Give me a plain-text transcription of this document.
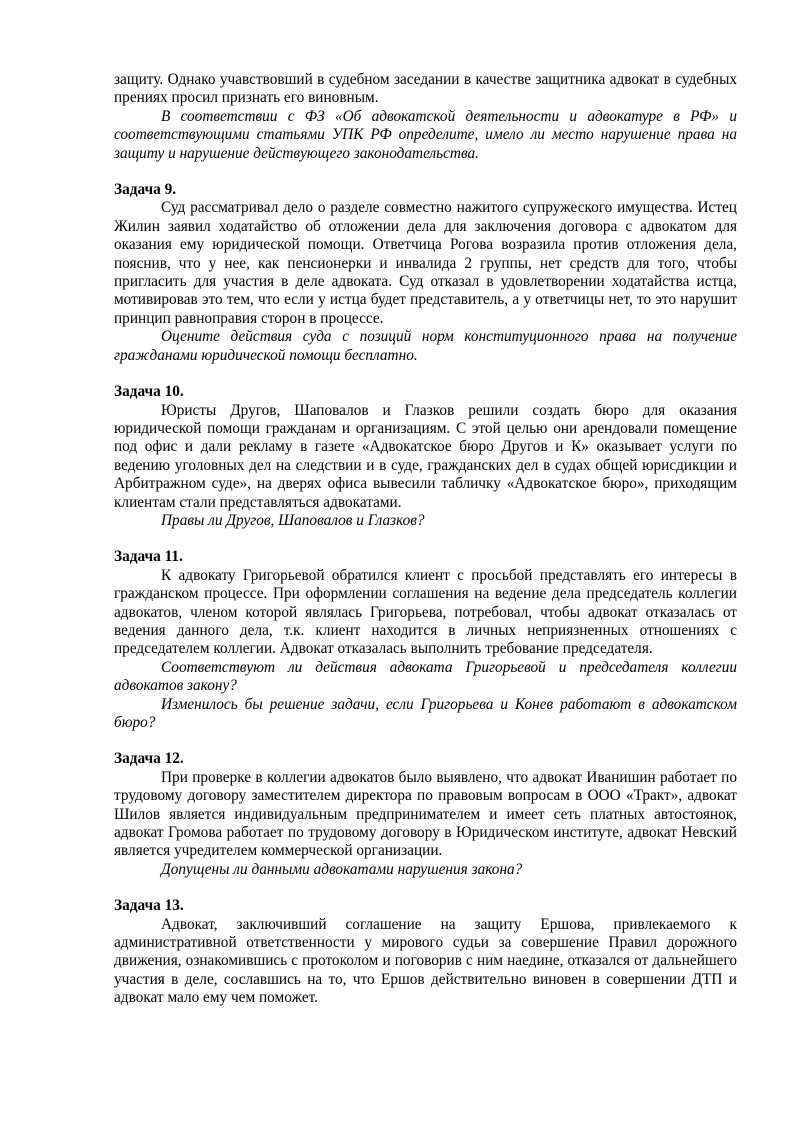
защиту. Однако учавствовший в судебном заседании в качестве защитника адвокат в судебных прениях просил признать его виновным.

В соответствии с ФЗ «Об адвокатской деятельности и адвокатуре в РФ» и соответствующими статьями УПК РФ определите, имело ли место нарушение права на защиту и нарушение действующего законодательства.

Задача 9.

Суд рассматривал дело о разделе совместно нажитого супружеского имущества. Истец Жилин заявил ходатайство об отложении дела для заключения договора с адвокатом для оказания ему юридической помощи. Ответчица Рогова возразила против отложения дела, пояснив, что у нее, как пенсионерки и инвалида 2 группы, нет средств для того, чтобы пригласить для участия в деле адвоката. Суд отказал в удовлетворении ходатайства истца, мотивировав это тем, что если у истца будет представитель, а у ответчицы нет, то это нарушит принцип равноправия сторон в процессе.

Оцените действия суда с позиций норм конституционного права на получение гражданами юридической помощи бесплатно.

Задача 10.

Юристы Другов, Шаповалов и Глазков решили создать бюро для оказания юридической помощи гражданам и организациям. С этой целью они арендовали помещение под офис и дали рекламу в газете «Адвокатское бюро Другов и К» оказывает услуги по ведению уголовных дел на следствии и в суде, гражданских дел в судах общей юрисдикции и Арбитражном суде», на дверях офиса вывесили табличку «Адвокатское бюро», приходящим клиентам стали представляться адвокатами.

Правы ли Другов, Шаповалов и Глазков?

Задача 11.

К адвокату Григорьевой обратился клиент с просьбой представлять его интересы в гражданском процессе. При оформлении соглашения на ведение дела председатель коллегии адвокатов, членом которой являлась Григорьева, потребовал, чтобы адвокат отказалась от ведения данного дела, т.к. клиент находится в личных неприязненных отношениях с председателем коллегии. Адвокат отказалась выполнить требование председателя.

Соответствуют ли действия адвоката Григорьевой и председателя коллегии адвокатов закону?

Изменилось бы решение задачи, если Григорьева и Конев работают в адвокатском бюро?

Задача 12.

При проверке в коллегии адвокатов было выявлено, что адвокат Иванишин работает по трудовому договору заместителем директора по правовым вопросам в ООО «Тракт», адвокат Шилов является индивидуальным предпринимателем и имеет сеть платных автостоянок, адвокат Громова работает по трудовому договору в Юридическом институте, адвокат Невский является учредителем коммерческой организации.

Допущены ли данными адвокатами нарушения закона?

Задача 13.

Адвокат, заключивший соглашение на защиту Ершова, привлекаемого к административной ответственности у мирового судьи за совершение Правил дорожного движения, ознакомившись с протоколом и поговорив с ним наедине, отказался от дальнейшего участия в деле, сославшись на то, что Ершов действительно виновен в совершении ДТП и адвокат мало ему чем поможет.
